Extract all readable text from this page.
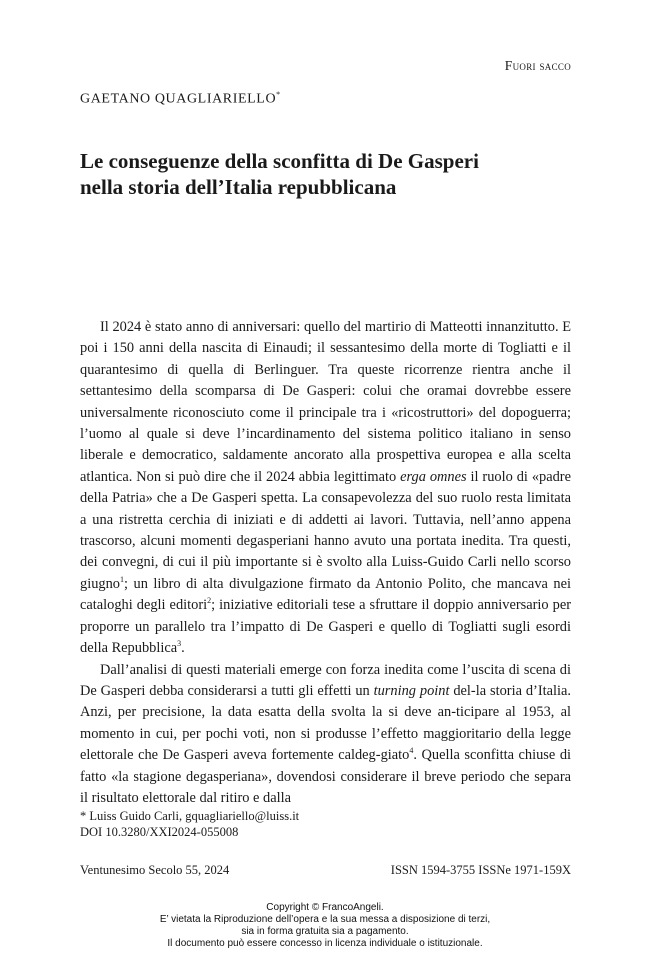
Fuori sacco
GAETANO QUAGLIARIELLO*
Le conseguenze della sconfitta di De Gasperi
nella storia dell’Italia repubblicana

Il 2024 è stato anno di anniversari: quello del martirio di Matteotti innanzitutto. E poi i 150 anni della nascita di Einaudi; il sessantesimo della morte di Togliatti e il quarantesimo di quella di Berlinguer. Tra queste ricorrenze rientra anche il settantesimo della scomparsa di De Gasperi: colui che oramai dovrebbe essere universalmente riconosciuto come il principale tra i «ricostruttori» del dopoguerra; l’uomo al quale si deve l’incardinamento del sistema politico italiano in senso liberale e democratico, saldamente ancorato alla prospettiva europea e alla scelta atlantica. Non si può dire che il 2024 abbia legittimato erga omnes il ruolo di «padre della Patria» che a De Gasperi spetta. La consapevolezza del suo ruolo resta limitata a una ristretta cerchia di iniziati e di addetti ai lavori. Tuttavia, nell’anno appena trascorso, alcuni momenti degasperiani hanno avuto una portata inedita. Tra questi, dei convegni, di cui il più importante si è svolto alla Luiss-Guido Carli nello scorso giugno$^1$; un libro di alta divulgazione firmato da Antonio Polito, che mancava nei cataloghi degli editori$^2$; iniziative editoriali tese a sfruttare il doppio anniversario per proporre un parallelo tra l’impatto di De Gasperi e quello di Togliatti sugli esordi della Repubblica$^3$.

Dall’analisi di questi materiali emerge con forza inedita come l’uscita di scena di De Gasperi debba considerarsi a tutti gli effetti un turning point del-la storia d’Italia. Anzi, per precisione, la data esatta della svolta la si deve an-ticipare al 1953, al momento in cui, per pochi voti, non si produsse l’effetto maggioritario della legge elettorale che De Gasperi aveva fortemente caldeg-giato$^4$. Quella sconfitta chiuse di fatto «la stagione degasperiana», dovendosi considerare il breve periodo che separa il risultato elettorale dal ritiro e dalla

* Luiss Guido Carli, gquagliariello@luiss.it
DOI 10.3280/XXI2024-055008
Ventunesimo Secolo 55, 2024	ISSN 1594-3755 ISSNe 1971-159X
Copyright © FrancoAngeli.
E’ vietata la Riproduzione dell’opera e la sua messa a disposizione di terzi,
sia in forma gratuita sia a pagamento.
Il documento può essere concesso in licenza individuale o istituzionale.
